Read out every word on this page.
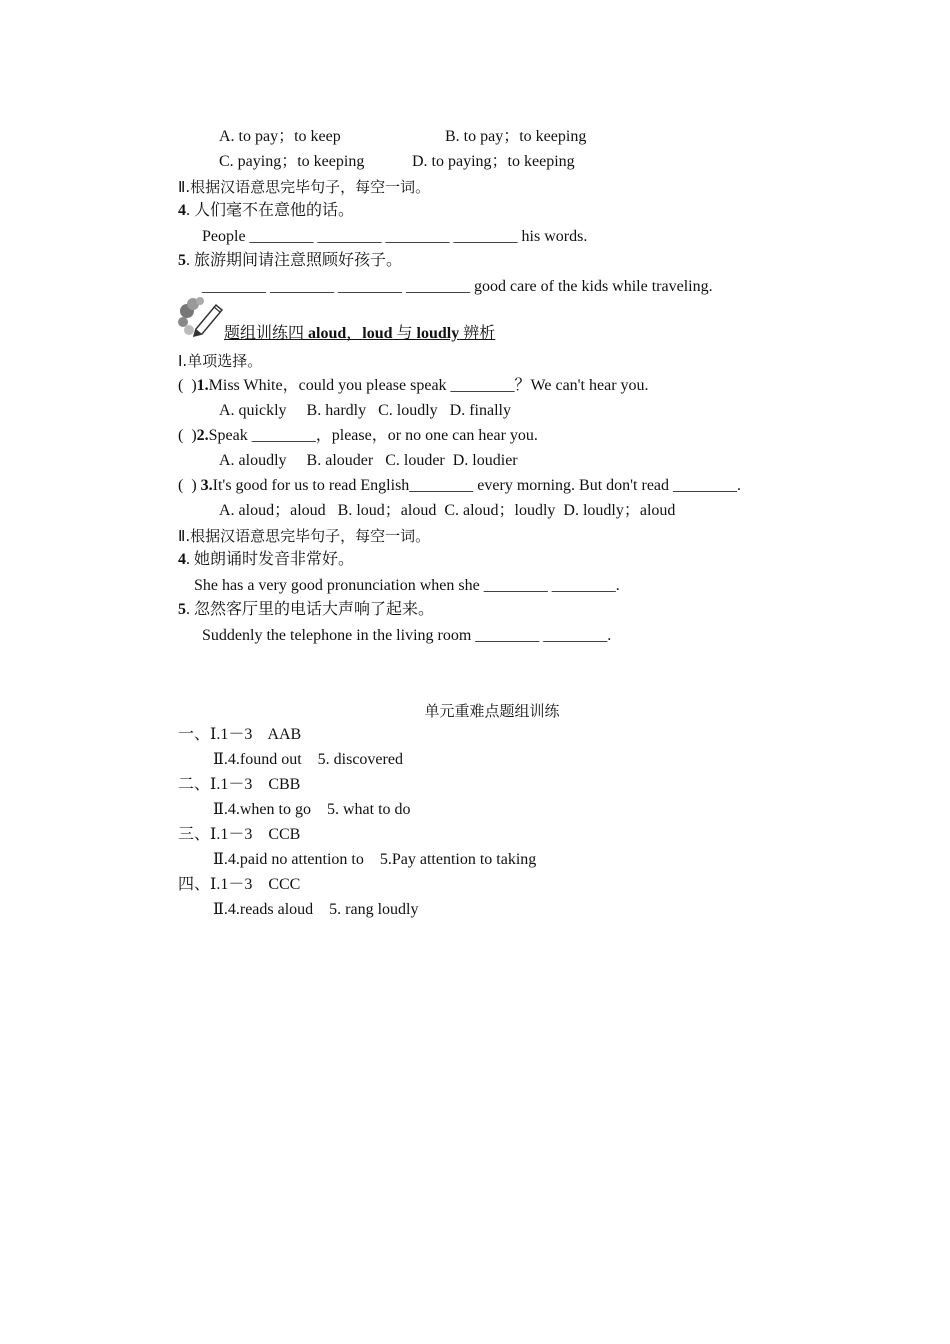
A. to pay；to keep	B. to pay；to keeping
C. paying；to keeping	D. to paying；to keeping
Ⅱ.根据汉语意思完毕句子，每空一词。
4. 人们毫不在意他的话。
People ________ ________ ________ ________ his words.
5. 旅游期间请注意照顾好孩子。
________ ________ ________ ________ good care of the kids while traveling.
题组训练四 aloud，loud 与 loudly 辨析
Ⅰ.单项选择。
(  )1.Miss White，could you please speak ________？We can't hear you.
A. quickly     B. hardly   C. loudly   D. finally
(  )2.Speak ________，please，or no one can hear you.
A. aloudly     B. alouder   C. louder  D. loudier
(  ) 3.It's good for us to read English________ every morning. But don't read ________.
A. aloud；aloud   B. loud；aloud  C. aloud；loudly  D. loudly；aloud
Ⅱ.根据汉语意思完毕句子，每空一词。
4. 她朗诵时发音非常好。
She has a very good pronunciation when she ________ ________.
5. 忽然客厅里的电话大声响了起来。
Suddenly the telephone in the living room ________ ________.
单元重难点题组训练
一、Ⅰ.1－3    AAB
Ⅱ.4.found out    5. discovered
二、Ⅰ.1－3    CBB
Ⅱ.4.when to go    5. what to do
三、Ⅰ.1－3    CCB
Ⅱ.4.paid no attention to    5.Pay attention to taking
四、Ⅰ.1－3    CCC
Ⅱ.4.reads aloud    5. rang loudly
